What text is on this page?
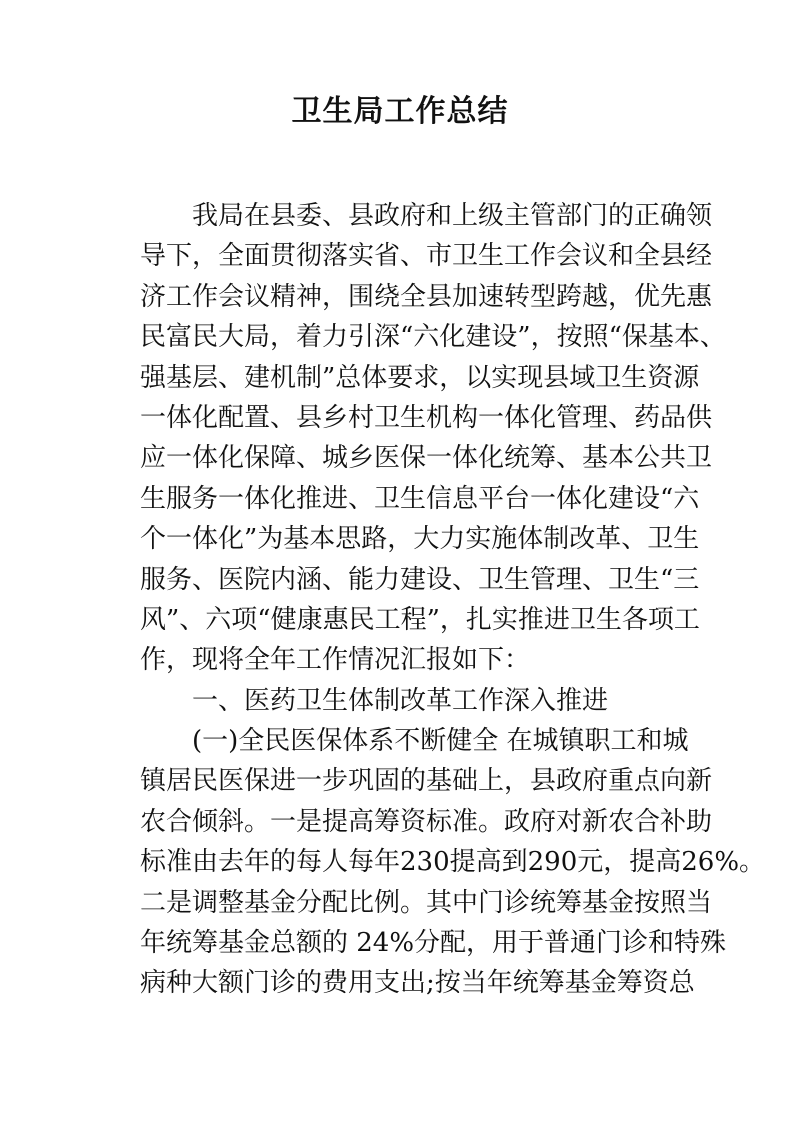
卫生局工作总结
我局在县委、县政府和上级主管部门的正确领
导下，全面贯彻落实省、市卫生工作会议和全县经
济工作会议精神，围绕全县加速转型跨越，优先惠
民富民大局，着力引深“六化建设”，按照“保基本、
强基层、建机制”总体要求，以实现县域卫生资源
一体化配置、县乡村卫生机构一体化管理、药品供
应一体化保障、城乡医保一体化统筹、基本公共卫
生服务一体化推进、卫生信息平台一体化建设“六
个一体化”为基本思路，大力实施体制改革、卫生
服务、医院内涵、能力建设、卫生管理、卫生“三
风”、六项“健康惠民工程”，扎实推进卫生各项工
作，现将全年工作情况汇报如下：
一、医药卫生体制改革工作深入推进
(一)全民医保体系不断健全 在城镇职工和城
镇居民医保进一步巩固的基础上，县政府重点向新
农合倾斜。一是提高筹资标准。政府对新农合补助
标准由去年的每人每年230提高到290元，提高26%。
二是调整基金分配比例。其中门诊统筹基金按照当
年统筹基金总额的 24%分配，用于普通门诊和特殊
病种大额门诊的费用支出;按当年统筹基金筹资总
